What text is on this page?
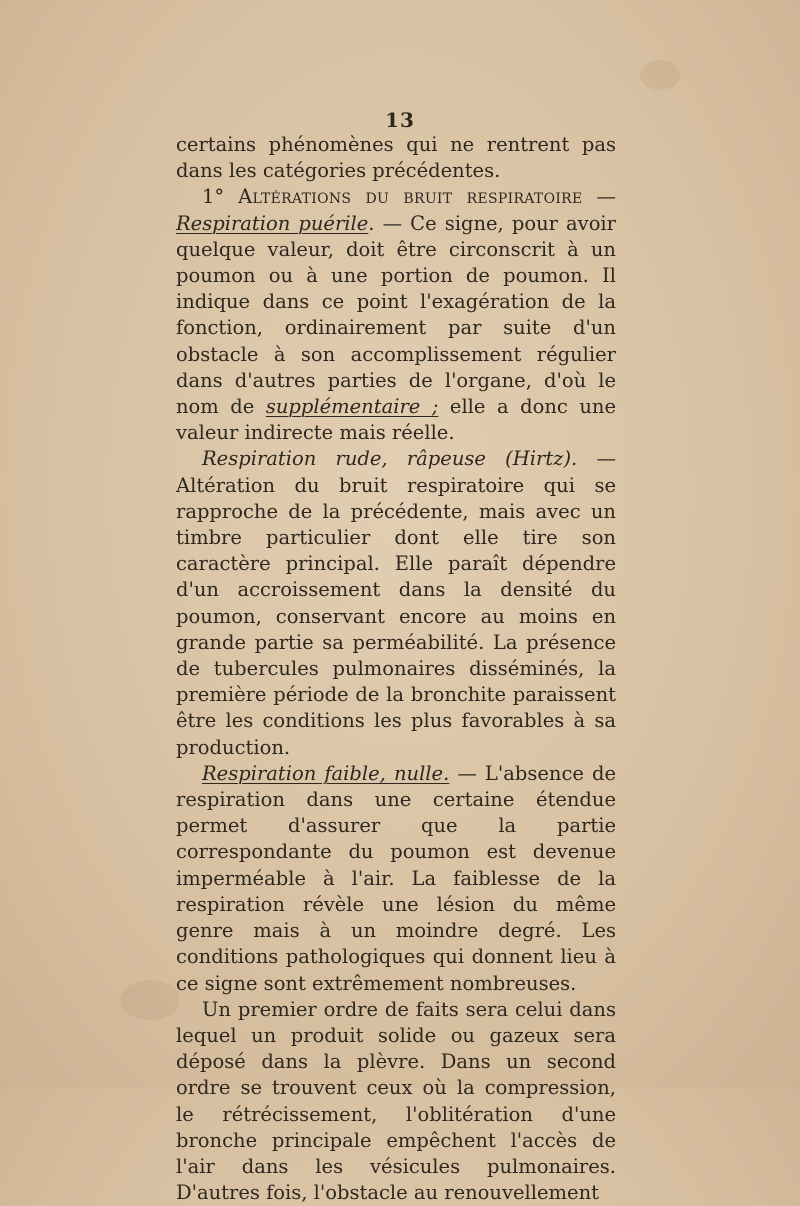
13

certains phénomènes qui ne rentrent pas dans les catégories précédentes.

1° Altérations du bruit respiratoire — Respiration puérile. — Ce signe, pour avoir quelque valeur, doit être circonscrit à un poumon ou à une portion de poumon. Il indique dans ce point l'exagération de la fonction, ordinairement par suite d'un obstacle à son accomplissement régulier dans d'autres parties de l'organe, d'où le nom de supplémentaire ; elle a donc une valeur indirecte mais réelle.

Respiration rude, râpeuse (Hirtz). — Altération du bruit respiratoire qui se rapproche de la précédente, mais avec un timbre particulier dont elle tire son caractère principal. Elle paraît dépendre d'un accroissement dans la densité du poumon, conservant encore au moins en grande partie sa perméabilité. La présence de tubercules pulmonaires disséminés, la première période de la bronchite paraissent être les conditions les plus favorables à sa production.

Respiration faible, nulle. — L'absence de respiration dans une certaine étendue permet d'assurer que la partie correspondante du poumon est devenue imperméable à l'air. La faiblesse de la respiration révèle une lésion du même genre mais à un moindre degré. Les conditions pathologiques qui donnent lieu à ce signe sont extrêmement nombreuses.

Un premier ordre de faits sera celui dans lequel un produit solide ou gazeux sera déposé dans la plèvre. Dans un second ordre se trouvent ceux où la compression, le rétrécissement, l'oblitération d'une bronche principale empêchent l'accès de l'air dans les vésicules pulmonaires. D'autres fois, l'obstacle au renouvellement
